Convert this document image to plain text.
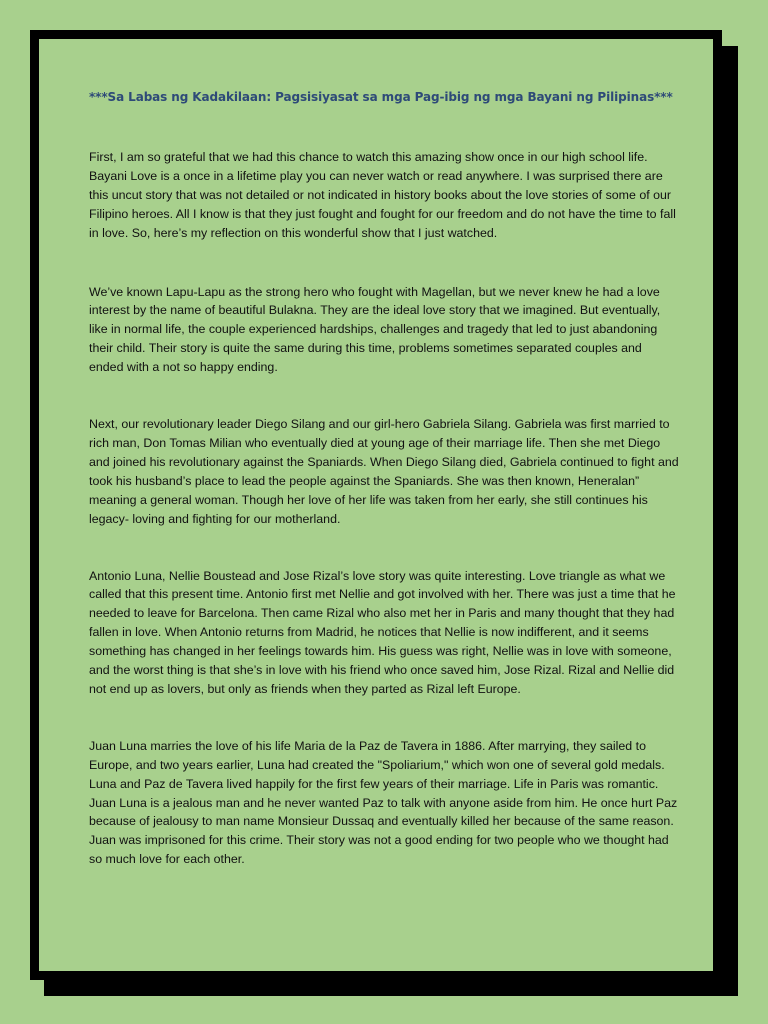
***Sa Labas ng Kadakilaan: Pagsisiyasat sa mga Pag-ibig ng mga Bayani ng Pilipinas***

First, I am so grateful that we had this chance to watch this amazing show once in our high school life. Bayani Love is a once in a lifetime play you can never watch or read anywhere. I was surprised there are this uncut story that was not detailed or not indicated in history books about the love stories of some of our Filipino heroes. All I know is that they just fought and fought for our freedom and do not have the time to fall in love. So, here’s my reflection on this wonderful show that I just watched.

We’ve known Lapu-Lapu as the strong hero who fought with Magellan, but we never knew he had a love interest by the name of beautiful Bulakna. They are the ideal love story that we imagined. But eventually, like in normal life, the couple experienced hardships, challenges and tragedy that led to just abandoning their child. Their story is quite the same during this time, problems sometimes separated couples and ended with a not so happy ending.

Next, our revolutionary leader Diego Silang and our girl-hero Gabriela Silang. Gabriela was first married to rich man, Don Tomas Milian who eventually died at young age of their marriage life. Then she met Diego and joined his revolutionary against the Spaniards. When Diego Silang died, Gabriela continued to fight and took his husband’s place to lead the people against the Spaniards. She was then known, Heneralan” meaning a general woman. Though her love of her life was taken from her early, she still continues his legacy- loving and fighting for our motherland.

Antonio Luna, Nellie Boustead and Jose Rizal’s love story was quite interesting. Love triangle as what we called that this present time. Antonio first met Nellie and got involved with her. There was just a time that he needed to leave for Barcelona. Then came Rizal who also met her in Paris and many thought that they had fallen in love. When Antonio returns from Madrid, he notices that Nellie is now indifferent, and it seems something has changed in her feelings towards him. His guess was right, Nellie was in love with someone, and the worst thing is that she’s in love with his friend who once saved him, Jose Rizal. Rizal and Nellie did not end up as lovers, but only as friends when they parted as Rizal left Europe.

Juan Luna marries the love of his life Maria de la Paz de Tavera in 1886. After marrying, they sailed to Europe, and two years earlier, Luna had created the "Spoliarium," which won one of several gold medals. Luna and Paz de Tavera lived happily for the first few years of their marriage. Life in Paris was romantic. Juan Luna is a jealous man and he never wanted Paz to talk with anyone aside from him. He once hurt Paz because of jealousy to man name Monsieur Dussaq and eventually killed her because of the same reason. Juan was imprisoned for this crime. Their story was not a good ending for two people who we thought had so much love for each other.
